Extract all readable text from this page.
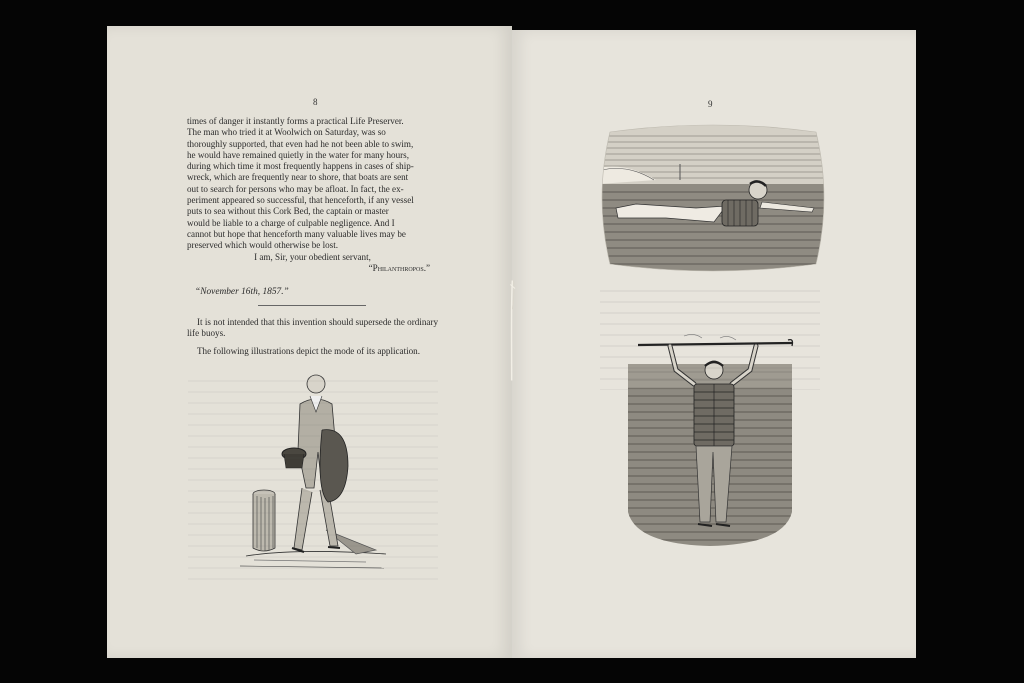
8	9

times of danger it instantly forms a practical Life Preserver.

The man who tried it at Woolwich on Saturday, was so

thoroughly supported, that even had he not been able to swim,

he would have remained quietly in the water for many hours,

during which time it most frequently happens in cases of ship-

wreck, which are frequently near to shore, that boats are sent

out to search for persons who may be afloat. In fact, the ex-

periment appeared so successful, that henceforth, if any vessel

puts to sea without this Cork Bed, the captain or master

would be liable to a charge of culpable negligence. And I

cannot but hope that henceforth many valuable lives may be

preserved which would otherwise be lost.

I am, Sir, your obedient servant,

“Philanthropos.”

“November 16th, 1857.”
It is not intended that this invention should supersede the ordinary life buoys.
The following illustrations depict the mode of its application.
